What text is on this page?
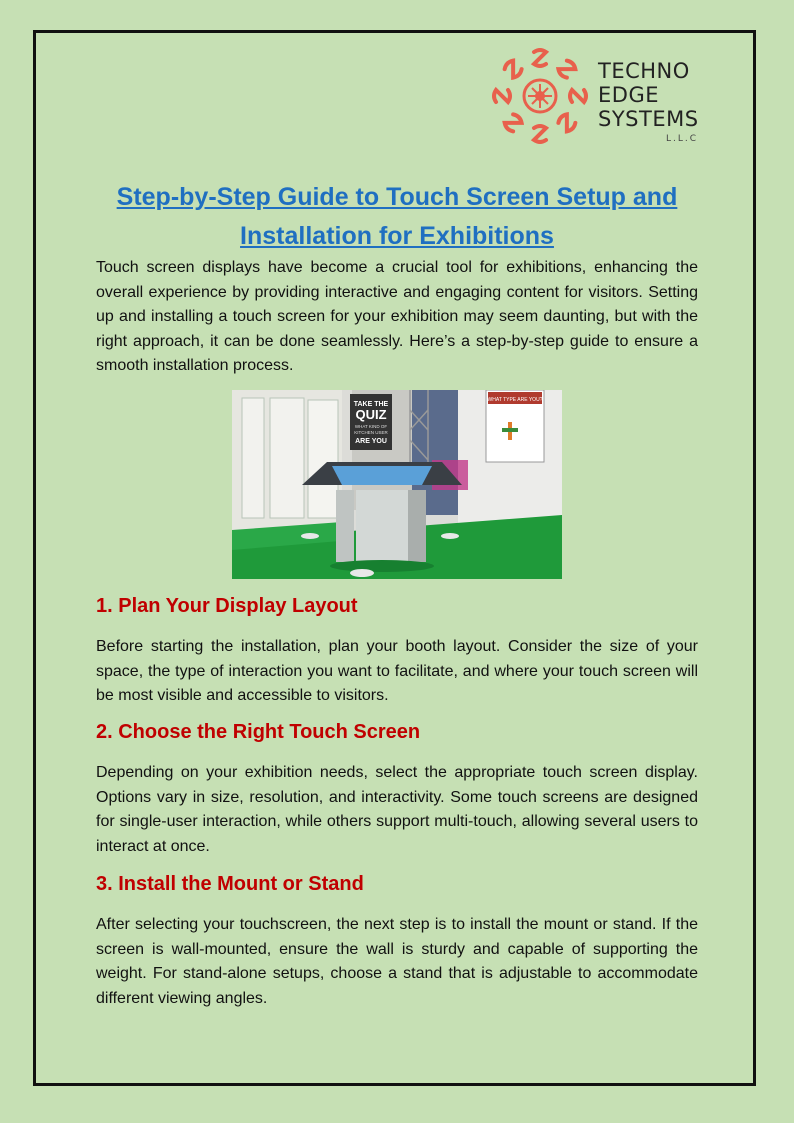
TECHNO
EDGE
SYSTEMS
L.L.C
Step-by-Step Guide to Touch Screen Setup and Installation for Exhibitions

Touch screen displays have become a crucial tool for exhibitions, enhancing the overall experience by providing interactive and engaging content for visitors. Setting up and installing a touch screen for your exhibition may seem daunting, but with the right approach, it can be done seamlessly. Here’s a step-by-step guide to ensure a smooth installation process.

WHAT TYPE ARE YOU?
TAKE THE
QUIZ
WHAT KIND OF
KITCHEN USER
ARE YOU
1. Plan Your Display Layout

Before starting the installation, plan your booth layout. Consider the size of your space, the type of interaction you want to facilitate, and where your touch screen will be most visible and accessible to visitors.

2. Choose the Right Touch Screen

Depending on your exhibition needs, select the appropriate touch screen display. Options vary in size, resolution, and interactivity. Some touch screens are designed for single-user interaction, while others support multi-touch, allowing several users to interact at once.

3. Install the Mount or Stand

After selecting your touchscreen, the next step is to install the mount or stand. If the screen is wall-mounted, ensure the wall is sturdy and capable of supporting the weight. For stand-alone setups, choose a stand that is adjustable to accommodate different viewing angles.
